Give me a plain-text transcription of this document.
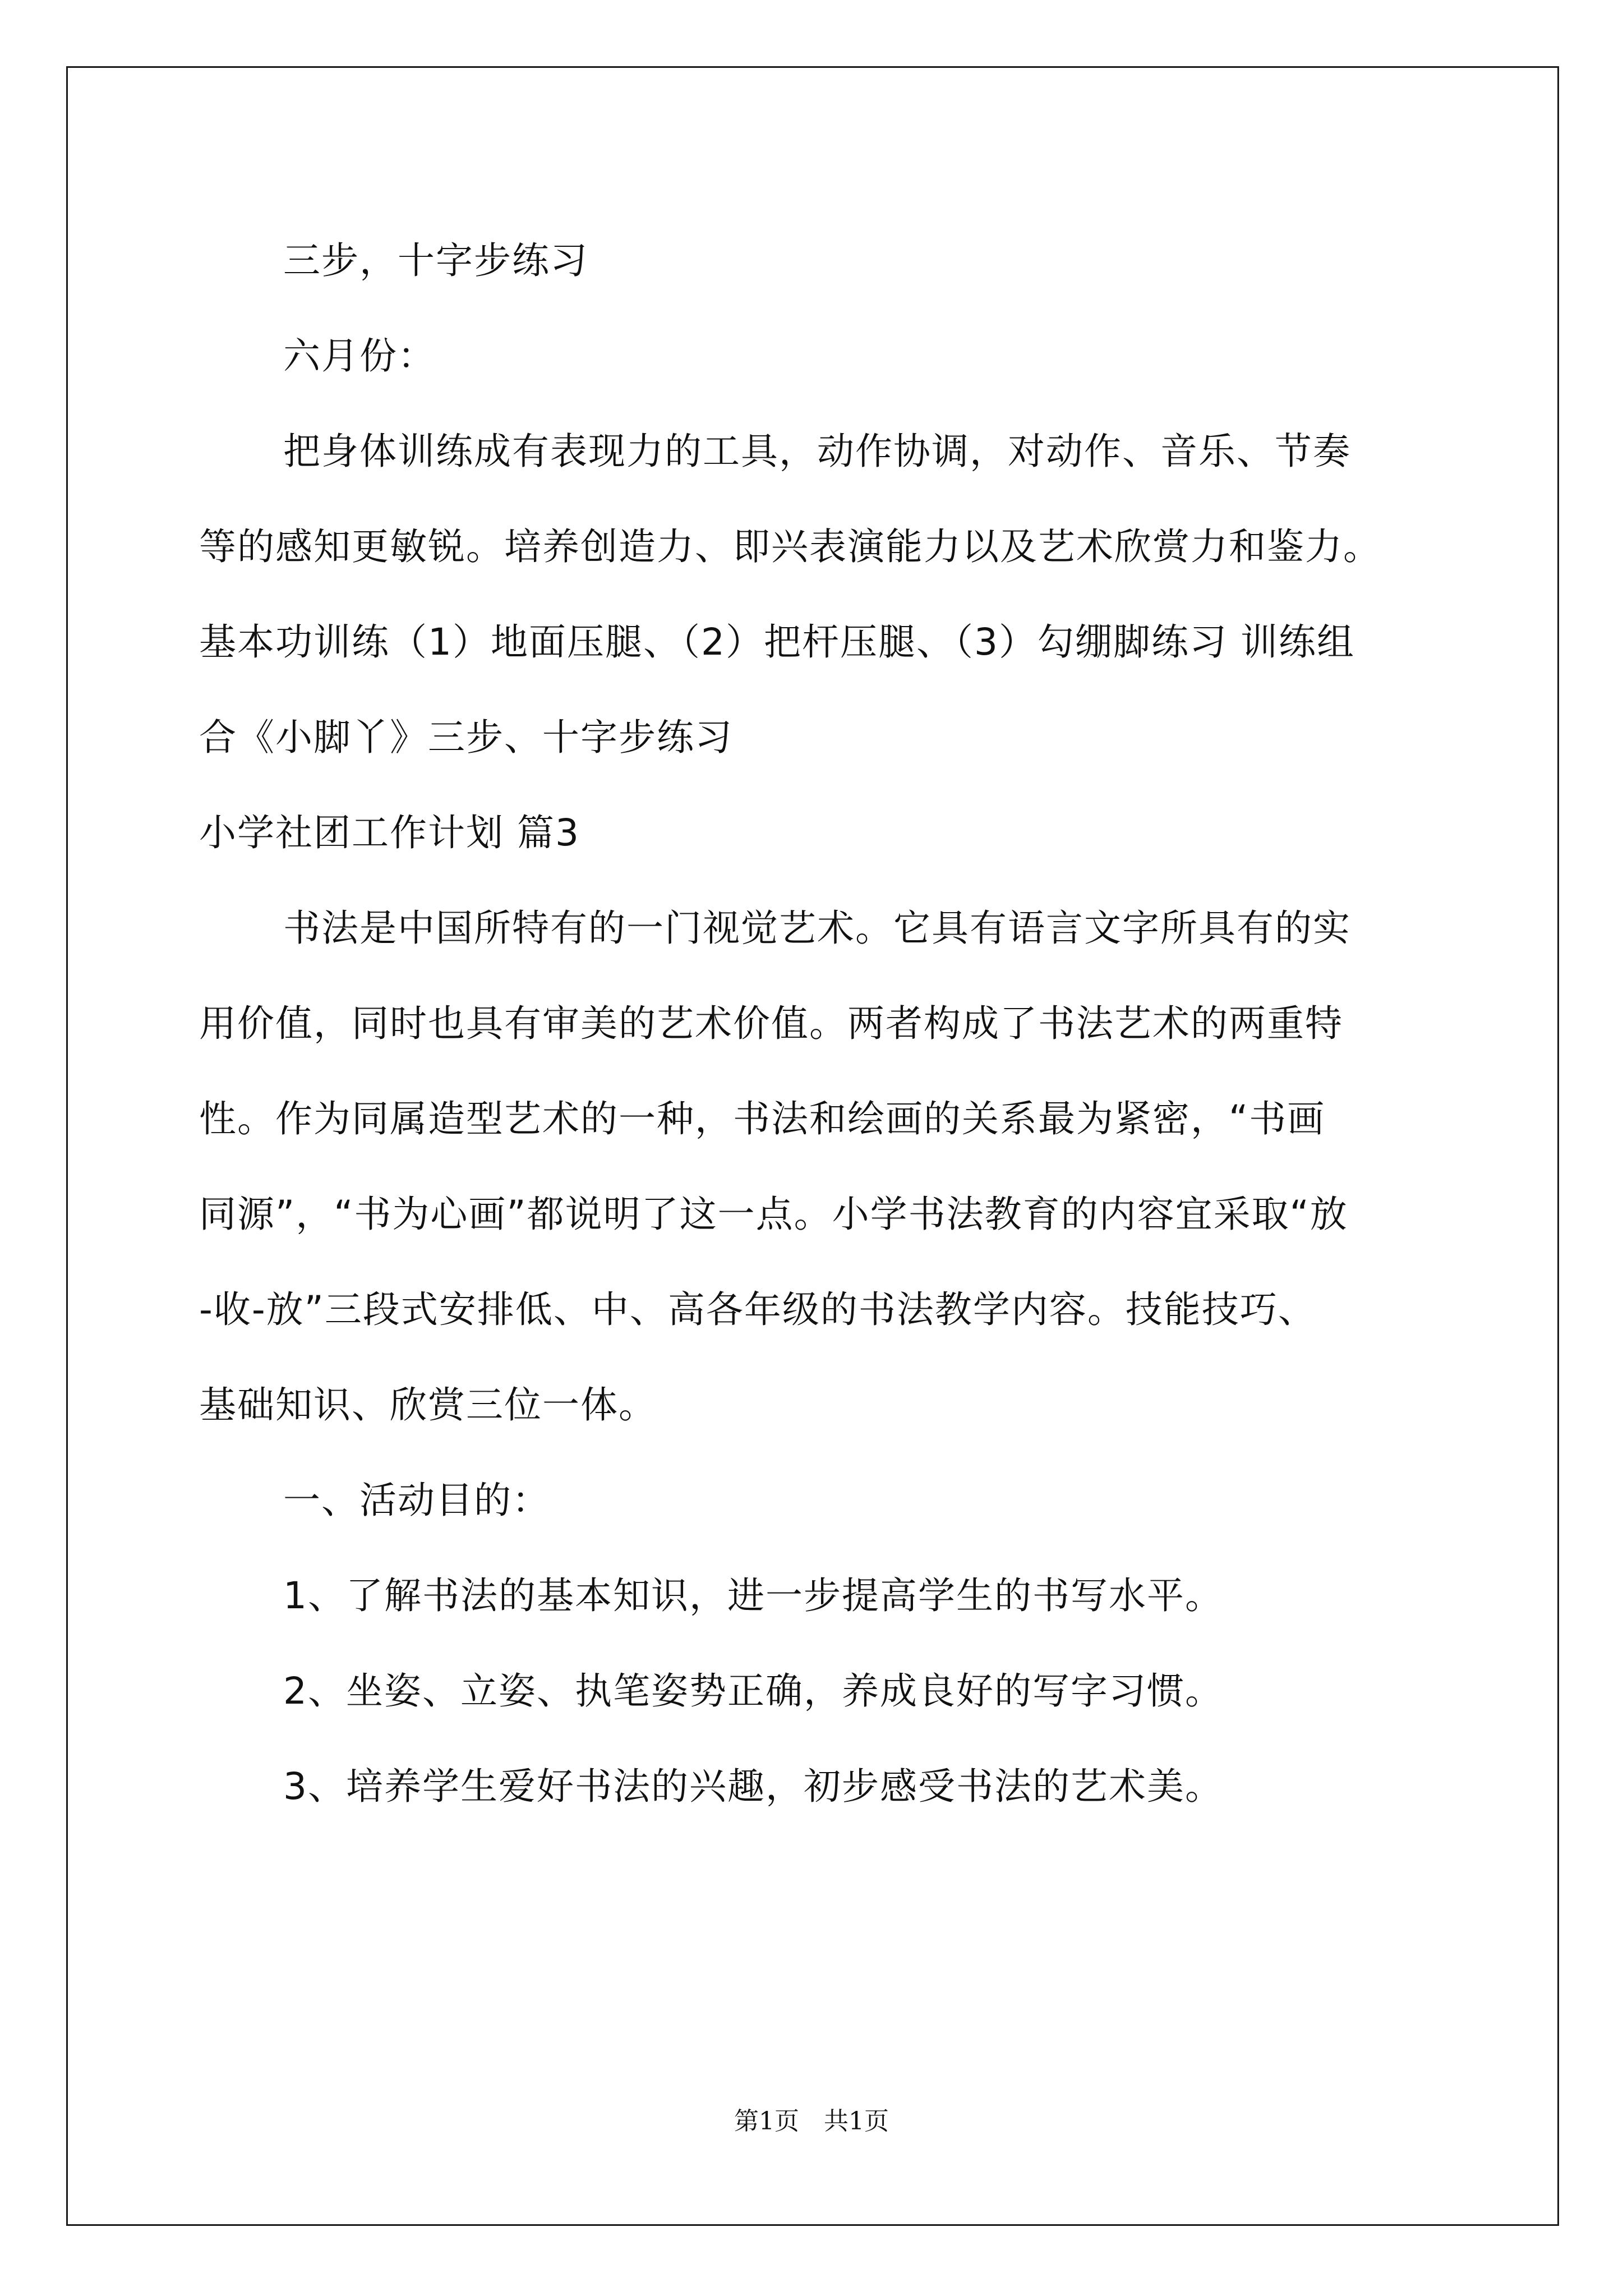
三步，十字步练习
六月份：
把身体训练成有表现力的工具，动作协调，对动作、音乐、节奏
等的感知更敏锐。培养创造力、即兴表演能力以及艺术欣赏力和鉴力。
基本功训练（1）地面压腿、（2）把杆压腿、（3）勾绷脚练习 训练组
合《小脚丫》三步、十字步练习
小学社团工作计划 篇3
书法是中国所特有的一门视觉艺术。它具有语言文字所具有的实
用价值，同时也具有审美的艺术价值。两者构成了书法艺术的两重特
性。作为同属造型艺术的一种，书法和绘画的关系最为紧密，“书画
同源”，“书为心画”都说明了这一点。小学书法教育的内容宜采取“放
-收-放”三段式安排低、中、高各年级的书法教学内容。技能技巧、
基础知识、欣赏三位一体。
一、活动目的：
1、了解书法的基本知识，进一步提高学生的书写水平。
2、坐姿、立姿、执笔姿势正确，养成良好的写字习惯。
3、培养学生爱好书法的兴趣，初步感受书法的艺术美。
第1页　共1页
